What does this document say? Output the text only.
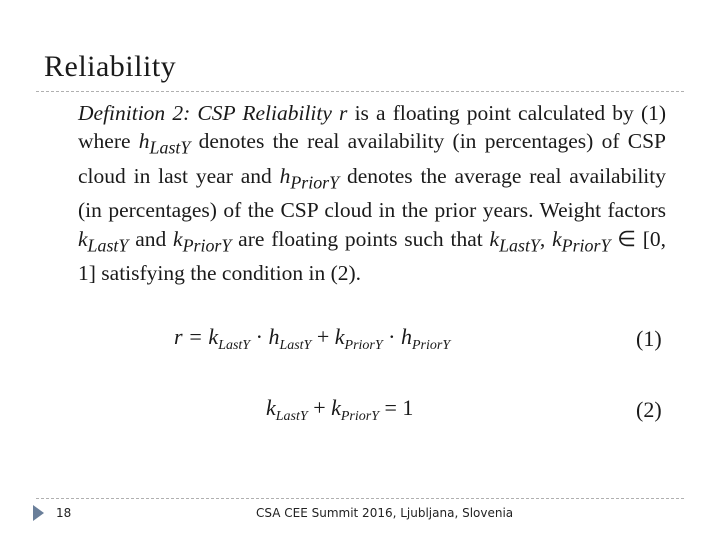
Reliability
Definition 2: CSP Reliability r is a floating point calculated by (1) where $h_{LastY}$ denotes the real availability (in percentages) of CSP cloud in last year and $h_{PriorY}$ denotes the average real availability (in percentages) of the CSP cloud in the prior years. Weight factors $k_{LastY}$ and $k_{PriorY}$ are floating points such that $k_{LastY}$, $k_{PriorY}$ ∈ [0, 1] satisfying the condition in (2).
$r = k_{LastY} \cdot h_{LastY} + k_{PriorY} \cdot h_{PriorY}$	(1)
$k_{LastY} + k_{PriorY} = 1$	(2)
18	CSA CEE Summit 2016, Ljubljana, Slovenia
